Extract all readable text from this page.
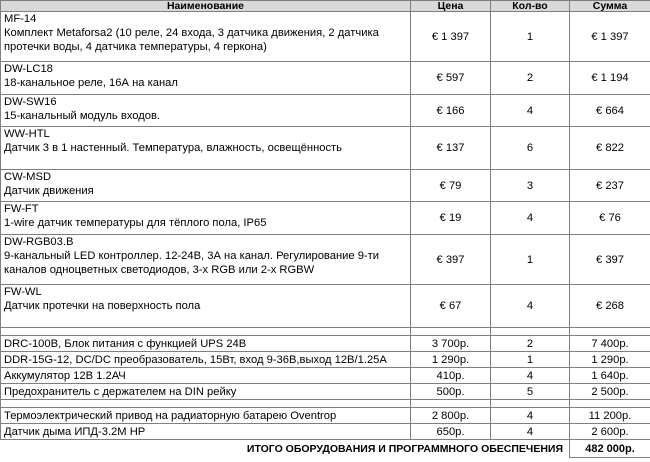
Наименование	Цена	Кол-во	Сумма

MF-14
Комплект Metaforsa2 (10 реле, 24 входа, 3 датчика движения, 2 датчика протечки воды, 4 датчика температуры, 4 геркона)	€ 1 397	1	€ 1 397

DW-LC18
18-канальное реле, 16А на канал	€ 597	2	€ 1 194

DW-SW16
15-канальный модуль входов.	€ 166	4	€ 664

WW-HTL
Датчик 3 в 1 настенный. Температура, влажность, освещённость	€ 137	6	€ 822

CW-MSD
Датчик движения	€ 79	3	€ 237

FW-FT
1-wire датчик температуры для тёплого пола, IP65	€ 19	4	€ 76

DW-RGB03.B
9-канальный LED контроллер. 12-24В, 3А на канал. Регулирование 9-ти каналов одноцветных светодиодов, 3-х RGB или 2-х RGBW	€ 397	1	€ 397

FW-WL
Датчик протечки на поверхность пола	€ 67	4	€ 268

DRC-100B, Блок питания с функцией UPS 24В	3 700р.	2	7 400р.
DDR-15G-12, DC/DC преобразователь, 15Вт, вход 9-36В,выход 12В/1.25А	1 290р.	1	1 290р.
Аккумулятор 12В 1.2АЧ	410р.	4	1 640р.
Предохранитель с держателем на DIN рейку	500р.	5	2 500р.

Термоэлектрический привод на радиаторную батарею Oventrop	2 800р.	4	11 200р.
Датчик дыма ИПД-3.2М НР	650р.	4	2 600р.
ИТОГО ОБОРУДОВАНИЯ И ПРОГРАММНОГО ОБЕСПЕЧЕНИЯ			482 000р.
